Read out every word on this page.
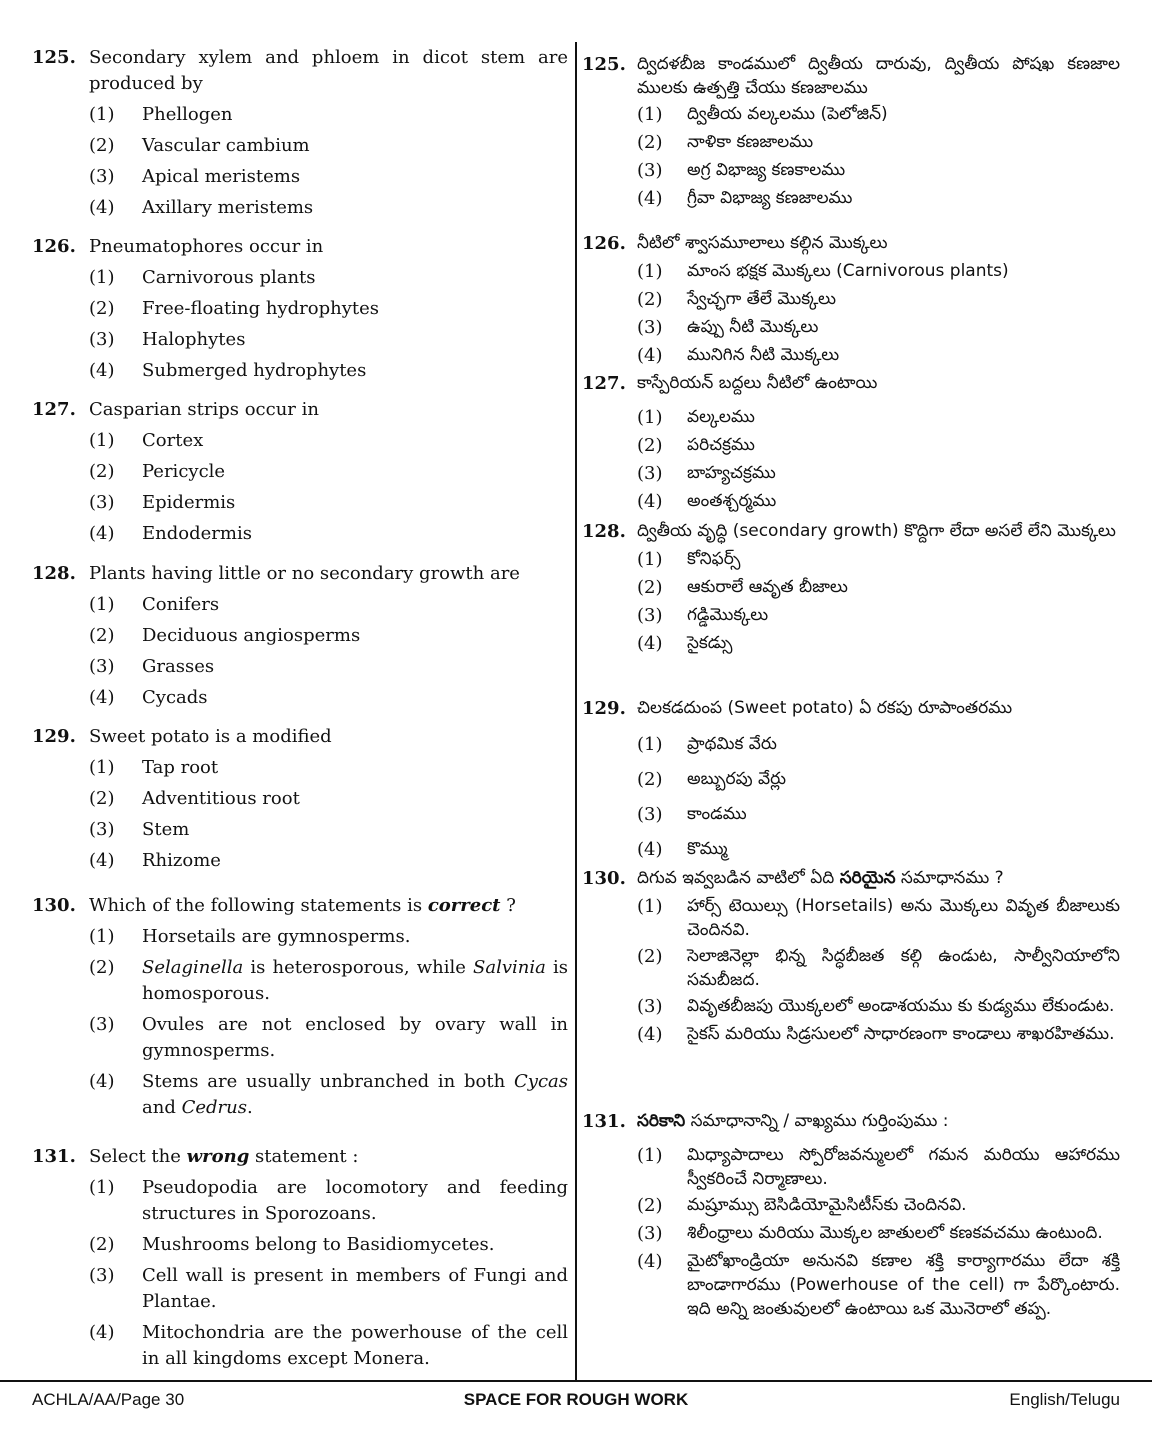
125. Secondary xylem and phloem in dicot stem are produced by
(1)	Phellogen
(2)	Vascular cambium
(3)	Apical meristems
(4)	Axillary meristems
126. Pneumatophores occur in
(1)	Carnivorous plants
(2)	Free-floating hydrophytes
(3)	Halophytes
(4)	Submerged hydrophytes
127. Casparian strips occur in
(1)	Cortex
(2)	Pericycle
(3)	Epidermis
(4)	Endodermis
128. Plants having little or no secondary growth are
(1)	Conifers
(2)	Deciduous angiosperms
(3)	Grasses
(4)	Cycads
129. Sweet potato is a modified
(1)	Tap root
(2)	Adventitious root
(3)	Stem
(4)	Rhizome
130. Which of the following statements is correct ?
(1)	Horsetails are gymnosperms.
(2)	Selaginella is heterosporous, while Salvinia is homosporous.
(3)	Ovules are not enclosed by ovary wall in gymnosperms.
(4)	Stems are usually unbranched in both Cycas and Cedrus.
131. Select the wrong statement :
(1)	Pseudopodia are locomotory and feeding structures in Sporozoans.
(2)	Mushrooms belong to Basidiomycetes.
(3)	Cell wall is present in members of Fungi and Plantae.
(4)	Mitochondria are the powerhouse of the cell in all kingdoms except Monera.
125. ద్విదళబీజ కాండములో ద్వితీయ దారువు, ద్వితీయ పోషఖ కణజాల ములకు ఉత్పత్తి చేయు కణజాలము
(1)	ద్వితీయ వల్కలము (పెలోజిన్)
(2)	నాళికా కణజాలము
(3)	అగ్ర విభాజ్య కణకాలము
(4)	గ్రీవా విభాజ్య కణజాలము
126. నీటిలో శ్వాసమూలాలు కల్గిన మొక్కలు
(1)	మాంస భక్షక మొక్కలు (Carnivorous plants)
(2)	స్వేచ్ఛగా తేలే మొక్కలు
(3)	ఉప్పు నీటి మొక్కలు
(4)	మునిగిన నీటి మొక్కలు
127. కాస్పేరియన్ బద్దలు నీటిలో ఉంటాయి
(1)	వల్కలము
(2)	పరిచక్రము
(3)	బాహ్యచక్రము
(4)	అంతశ్చర్మము
128. ద్వితీయ వృద్ధి (secondary growth) కొద్దిగా లేదా అసలే లేని మొక్కలు
(1)	కోనిఫర్స్
(2)	ఆకురాలే ఆవృత బీజాలు
(3)	గడ్డిమొక్కలు
(4)	సైకడ్సు
129. చిలకడదుంప (Sweet potato) ఏ రకపు రూపాంతరము
(1)	ప్రాథమిక వేరు
(2)	అబ్బురపు వేర్లు
(3)	కాండము
(4)	కొమ్ము
130. దిగువ ఇవ్వబడిన వాటిలో ఏది సరియైన సమాధానము ?
(1)	హార్స్ టెయిల్సు (Horsetails) అను మొక్కలు వివృత బీజాలుకు చెందినవి.
(2)	సెలాజినెల్లా భిన్న సిద్ధబీజత కల్గి ఉండుట, సాల్వీనియాలోని సమబీజద.
(3)	వివృతబీజపు యొక్కలలో అండాశయము కు కుడ్యము లేకుండుట.
(4)	సైకస్ మరియు సిడ్రసులలో సాధారణంగా కాండాలు శాఖరహితము.
131. సరికాని సమాధానాన్ని / వాఖ్యము గుర్తింపుము :
(1)	మిధ్యాపాదాలు స్పోరోజవన్ములలో గమన మరియు ఆహారము స్వీకరించే నిర్మాణాలు.
(2)	మష్రూమ్సు బెసిడియోమైసిటీస్‌కు చెందినవి.
(3)	శిలీంధ్రాలు మరియు మొక్కల జాతులలో కణకవచము ఉంటుంది.
(4)	మైటోఖాండ్రియా అనునవి కణాల శక్తి కార్యాగారము లేదా శక్తి బాండాగారము (Powerhouse of the cell) గా పేర్కొంటారు. ఇది అన్ని జంతువులలో ఉంటాయి ఒక మొనెరాలో తప్ప.
ACHLA/AA/Page 30	SPACE FOR ROUGH WORK	English/Telugu
